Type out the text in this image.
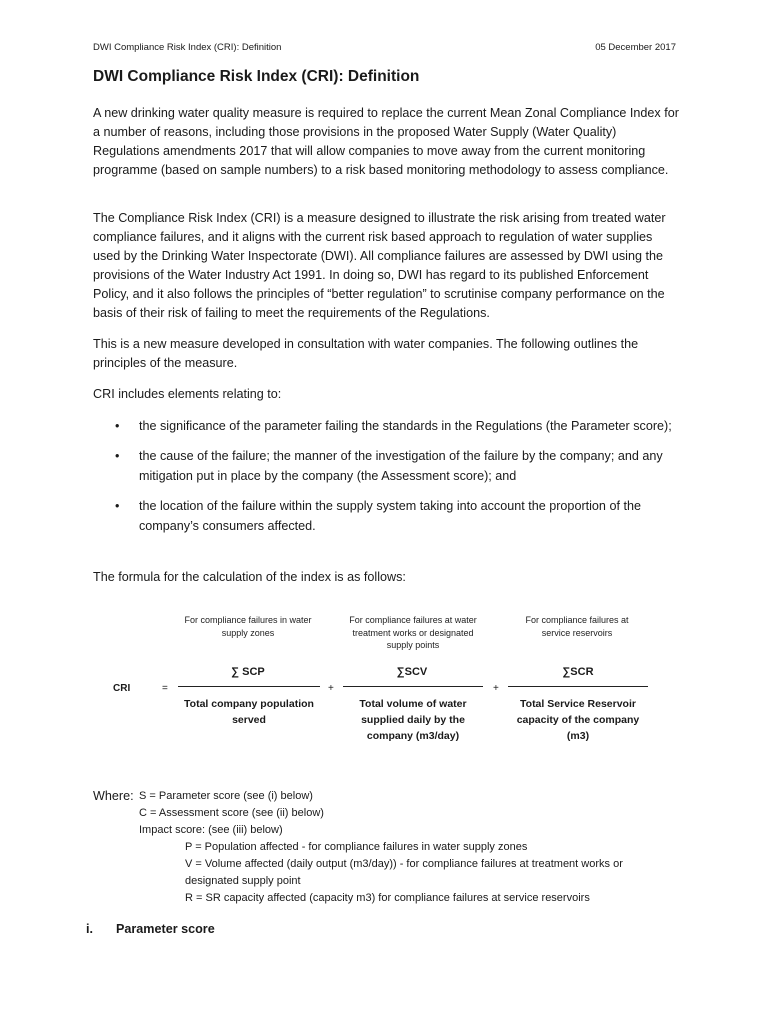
DWI Compliance Risk Index (CRI): Definition	05 December 2017
DWI Compliance Risk Index (CRI): Definition

A new drinking water quality measure is required to replace the current Mean Zonal Compliance Index for a number of reasons, including those provisions in the proposed Water Supply (Water Quality) Regulations amendments 2017 that will allow companies to move away from the current monitoring programme (based on sample numbers) to a risk based monitoring methodology to assess compliance.

The Compliance Risk Index (CRI) is a measure designed to illustrate the risk arising from treated water compliance failures, and it aligns with the current risk based approach to regulation of water supplies used by the Drinking Water Inspectorate (DWI). All compliance failures are assessed by DWI using the provisions of the Water Industry Act 1991. In doing so, DWI has regard to its published Enforcement Policy, and it also follows the principles of “better regulation” to scrutinise company performance on the basis of their risk of failing to meet the requirements of the Regulations.

This is a new measure developed in consultation with water companies. The following outlines the principles of the measure.

CRI includes elements relating to:

• the significance of the parameter failing the standards in the Regulations (the Parameter score);
• the cause of the failure; the manner of the investigation of the failure by the company; and any mitigation put in place by the company (the Assessment score); and
• the location of the failure within the supply system taking into account the proportion of the company’s consumers affected.

The formula for the calculation of the index is as follows:

For compliance failures in water supply zones
For compliance failures at water treatment works or designated supply points
For compliance failures at service reservoirs
∑ SCP	∑SCV	∑SCR
CRI	=	+	+
Total company population served
Total volume of water supplied daily by the company (m3/day)
Total Service Reservoir capacity of the company (m3)
Where: S = Parameter score (see (i) below)
C = Assessment score (see (ii) below)
Impact score: (see (iii) below)
P = Population affected - for compliance failures in water supply zones
V = Volume affected (daily output (m3/day)) - for compliance failures at treatment works or
designated supply point
R = SR capacity affected (capacity m3) for compliance failures at service reservoirs
i. Parameter score
